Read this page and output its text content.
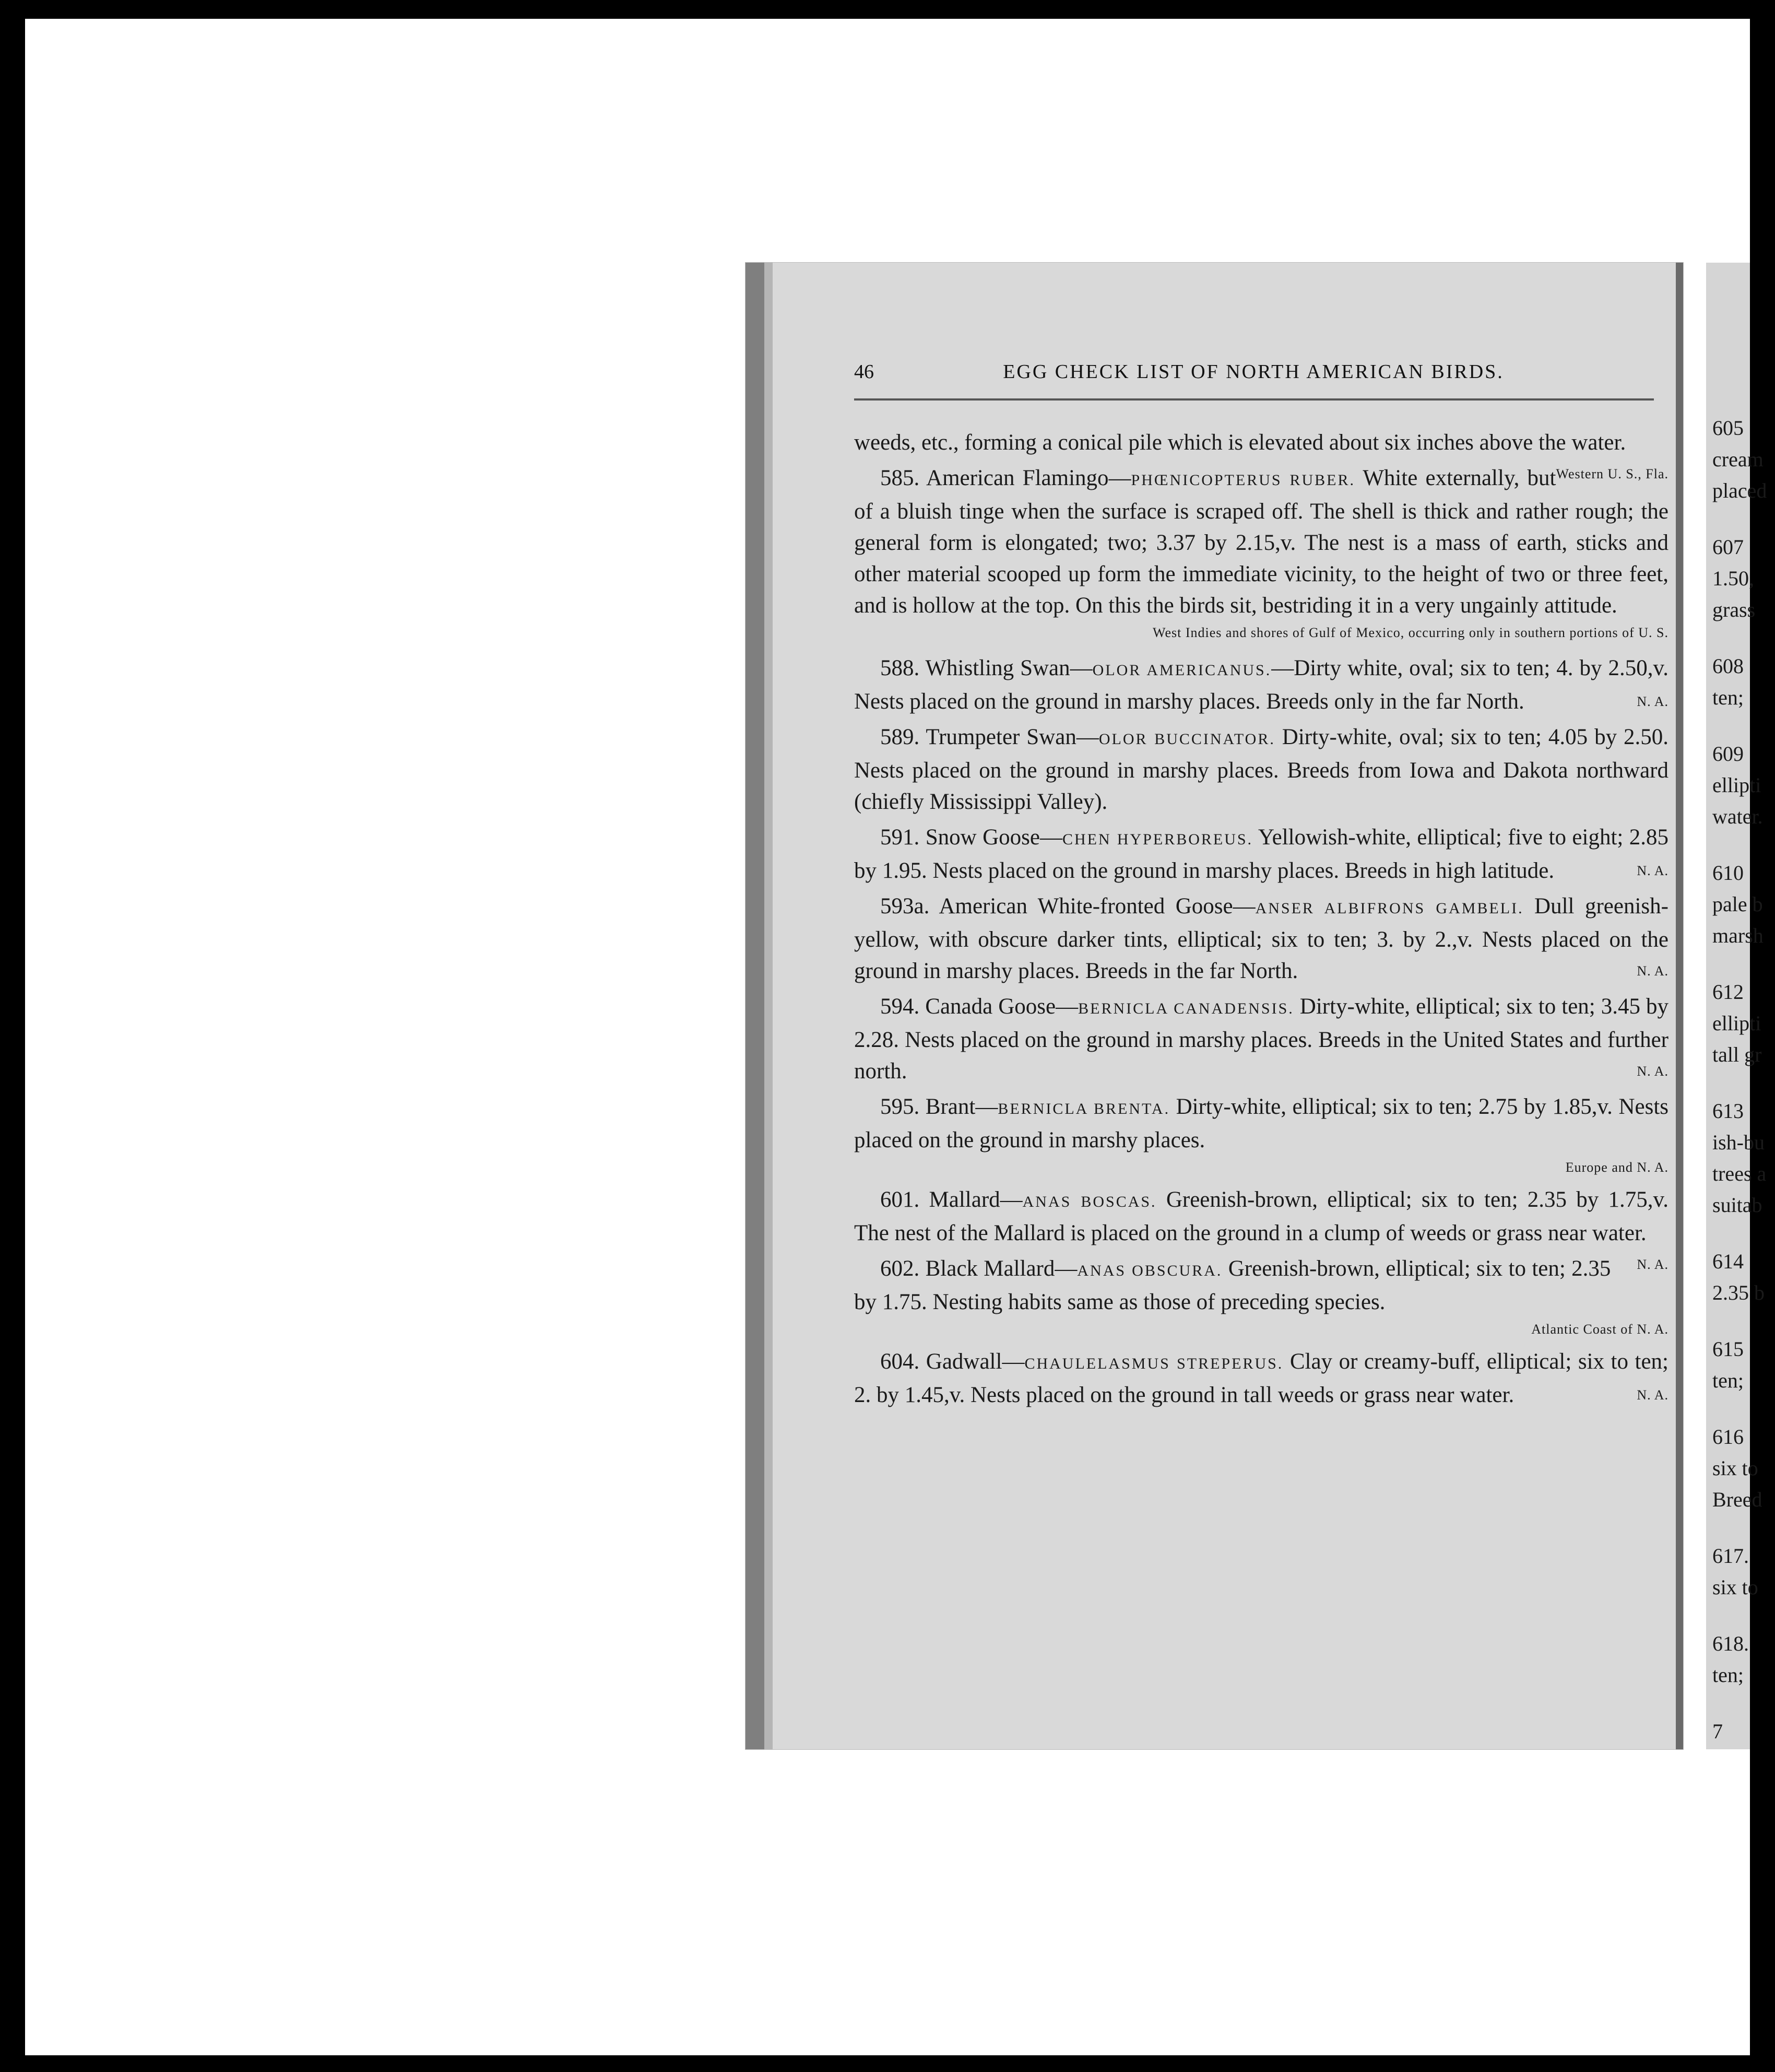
46	EGG CHECK LIST OF NORTH AMERICAN BIRDS.
weeds, etc., forming a conical pile which is elevated about six inches above the water.
Western U. S., Fla.
585. American Flamingo—PHŒNICOPTERUS RUBER. White externally, but of a bluish tinge when the surface is scraped off. The shell is thick and rather rough; the general form is elongated; two; 3.37 by 2.15,v. The nest is a mass of earth, sticks and other material scooped up form the immediate vicinity, to the height of two or three feet, and is hollow at the top. On this the birds sit, bestriding it in a very ungainly attitude.
West Indies and shores of Gulf of Mexico, occurring only in southern portions of U. S.
588. Whistling Swan—OLOR AMERICANUS.—Dirty white, oval; six to ten; 4. by 2.50,v. Nests placed on the ground in marshy places. Breeds only in the far North.	N. A.
589. Trumpeter Swan—OLOR BUCCINATOR. Dirty-white, oval; six to ten; 4.05 by 2.50. Nests placed on the ground in marshy places. Breeds from Iowa and Dakota northward (chiefly Mississippi Valley).
591. Snow Goose—CHEN HYPERBOREUS. Yellowish-white, elliptical; five to eight; 2.85 by 1.95. Nests placed on the ground in marshy places. Breeds in high latitude.	N. A.
593a. American White-fronted Goose—ANSER ALBIFRONS GAMBELI. Dull greenish-yellow, with obscure darker tints, elliptical; six to ten; 3. by 2.,v. Nests placed on the ground in marshy places. Breeds in the far North.	N. A.
594. Canada Goose—BERNICLA CANADENSIS. Dirty-white, elliptical; six to ten; 3.45 by 2.28. Nests placed on the ground in marshy places. Breeds in the United States and further north.	N. A.
595. Brant—BERNICLA BRENTA. Dirty-white, elliptical; six to ten; 2.75 by 1.85,v. Nests placed on the ground in marshy places.
Europe and N. A.
601. Mallard—ANAS BOSCAS. Greenish-brown, elliptical; six to ten; 2.35 by 1.75,v. The nest of the Mallard is placed on the ground in a clump of weeds or grass near water.
N. A.
602. Black Mallard—ANAS OBSCURA. Greenish-brown, elliptical; six to ten; 2.35 by 1.75. Nesting habits same as those of preceding species.
Atlantic Coast of N. A.
604. Gadwall—CHAULELASMUS STREPERUS. Clay or creamy-buff, elliptical; six to ten; 2. by 1.45,v. Nests placed on the ground in tall weeds or grass near water.	N. A.
605
cream
placed
607
1.50,
grass
608
ten;
609
ellipti
water.
610
pale b
marsh
612
ellipti
tall gr
613
ish-bu
trees a
suitab
614
2.35 b
615
ten;
616
six to
Breed
617.
six to
618.
ten;
7
